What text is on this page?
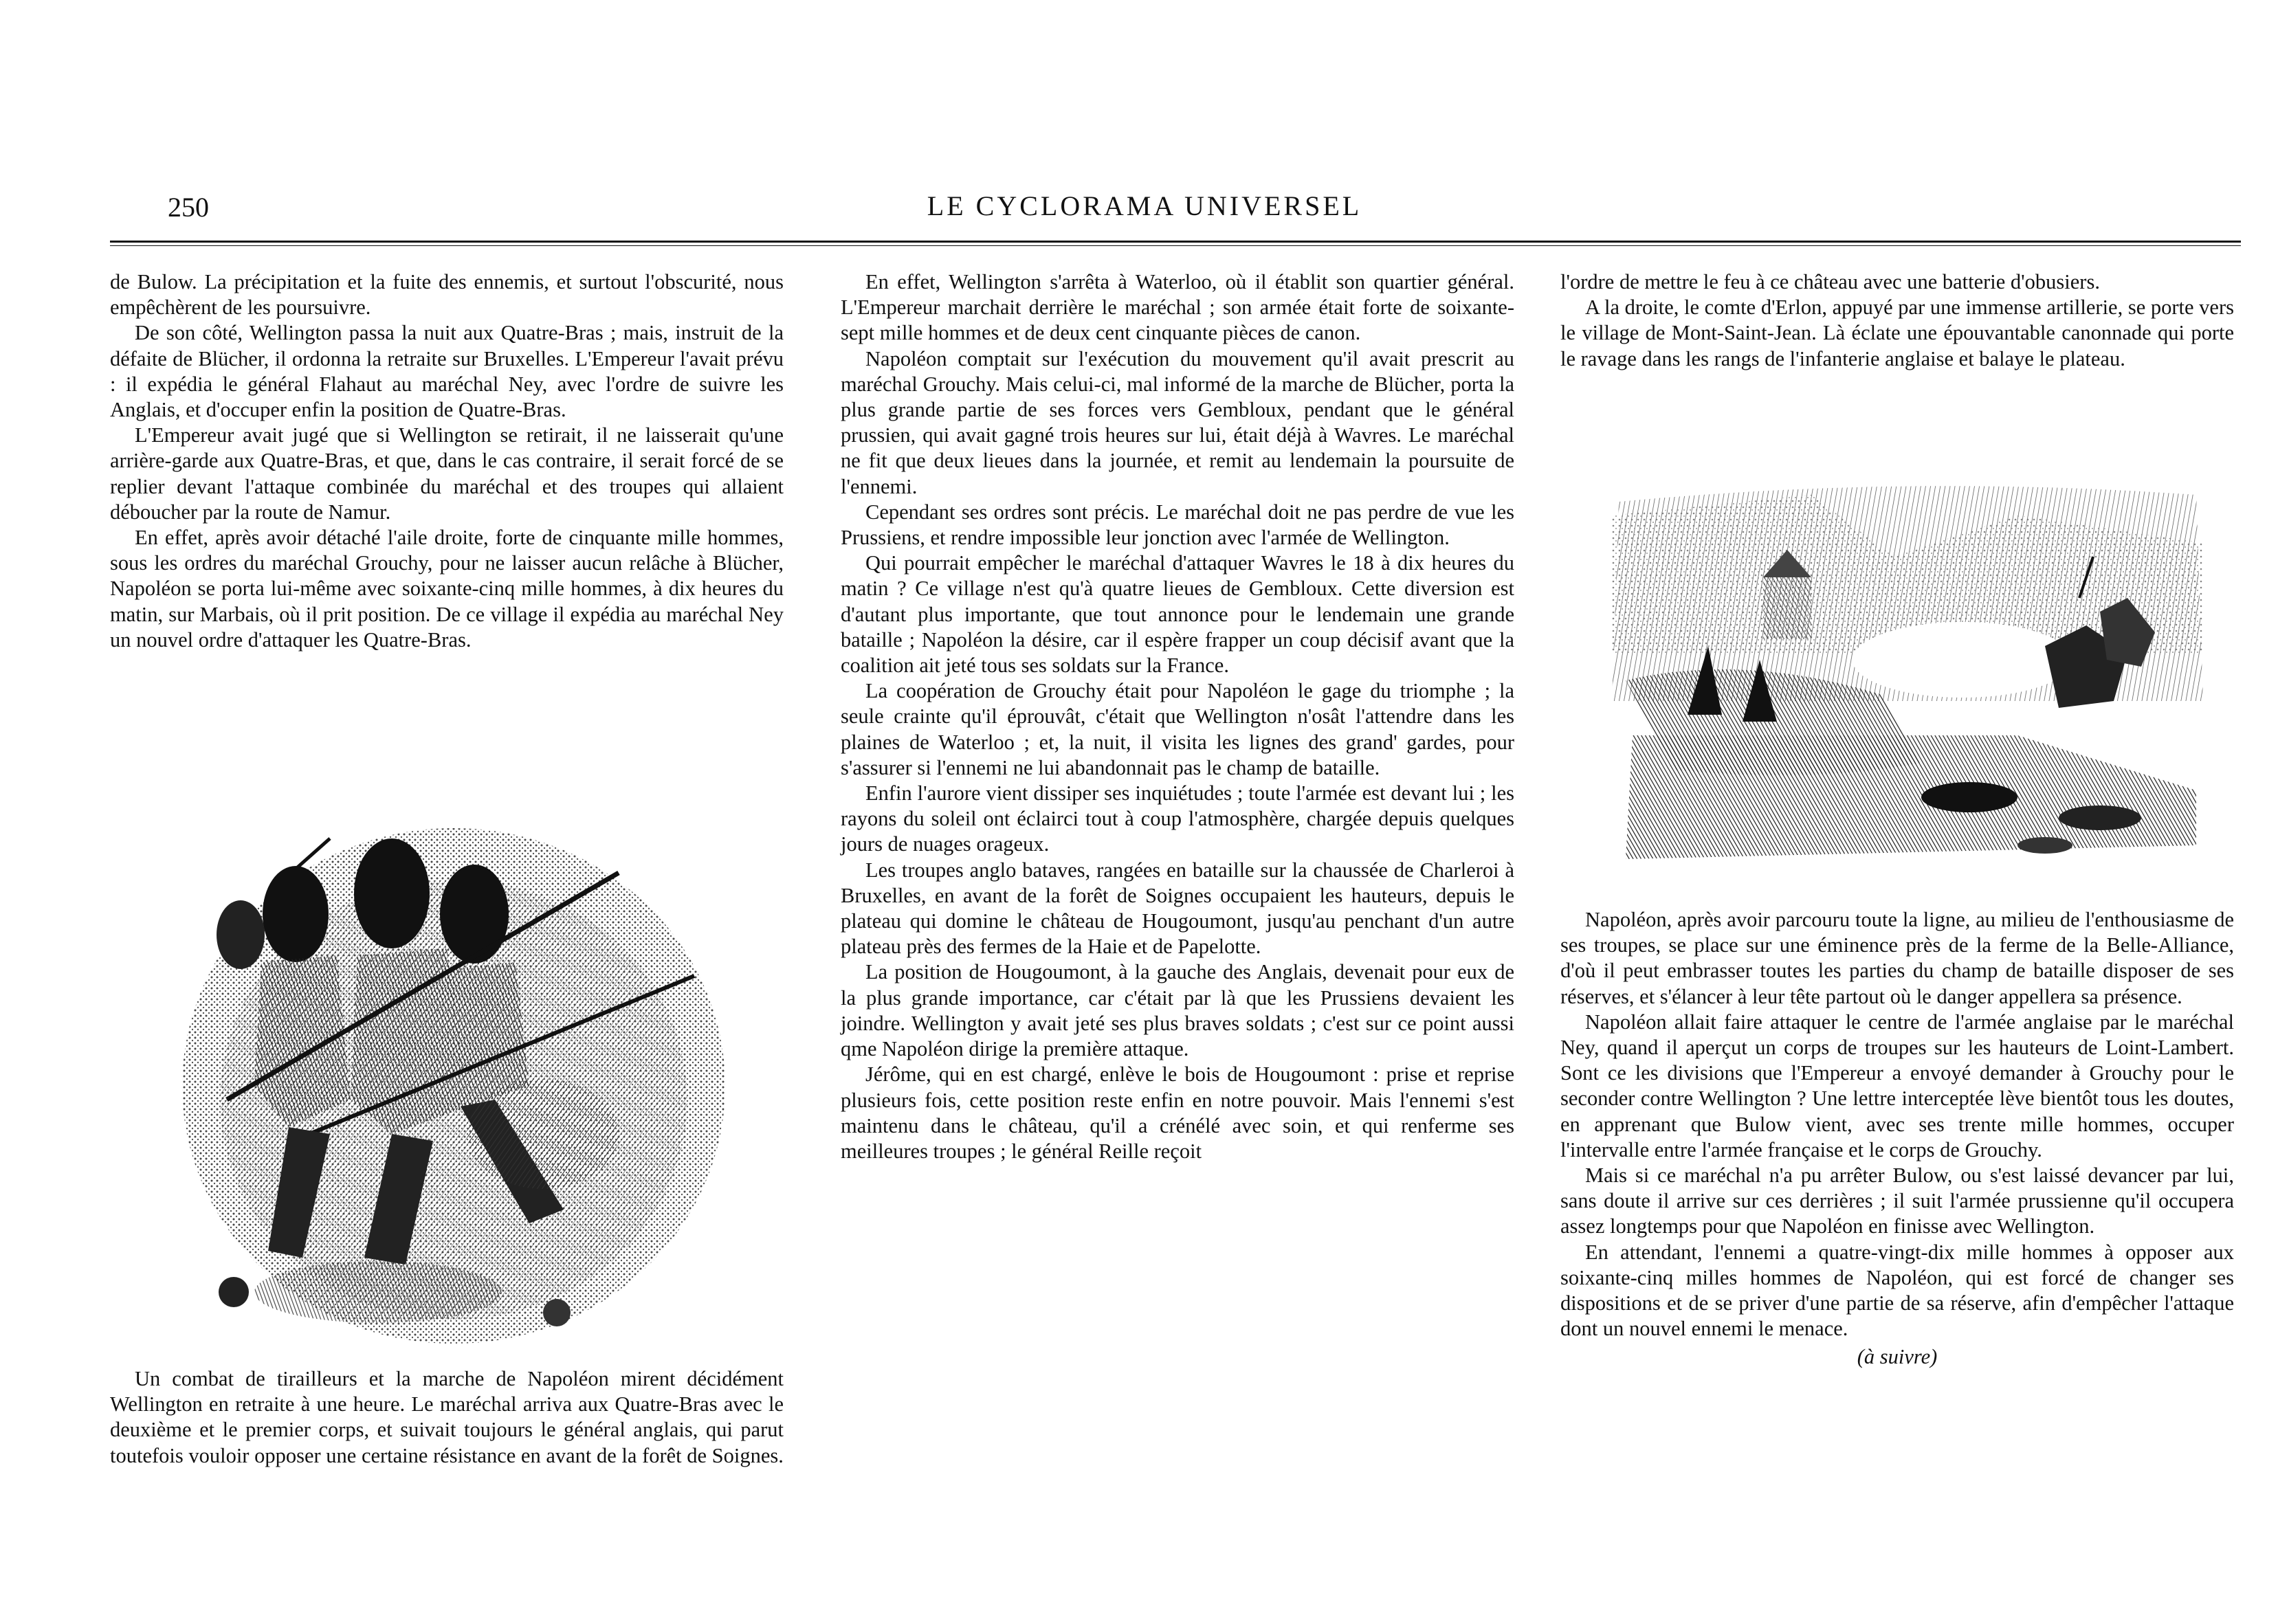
250	LE CYCLORAMA UNIVERSEL

de Bulow. La précipitation et la fuite des ennemis, et surtout l'obscurité, nous empêchèrent de les poursuivre.

De son côté, Wellington passa la nuit aux Quatre-Bras ; mais, instruit de la défaite de Blücher, il ordonna la retraite sur Bruxelles. L'Empereur l'avait prévu : il expédia le général Flahaut au maréchal Ney, avec l'ordre de suivre les Anglais, et d'occuper enfin la position de Quatre-Bras.

L'Empereur avait jugé que si Wellington se retirait, il ne laisserait qu'une arrière-garde aux Quatre-Bras, et que, dans le cas contraire, il serait forcé de se replier devant l'attaque combinée du maréchal et des troupes qui allaient déboucher par la route de Namur.

En effet, après avoir détaché l'aile droite, forte de cinquante mille hommes, sous les ordres du maréchal Grouchy, pour ne laisser aucun relâche à Blücher, Napoléon se porta lui-même avec soixante-cinq mille hommes, à dix heures du matin, sur Marbais, où il prit position. De ce village il expédia au maréchal Ney un nouvel ordre d'attaquer les Quatre-Bras.

Un combat de tirailleurs et la marche de Napoléon mirent décidément Wellington en retraite à une heure. Le maréchal arriva aux Quatre-Bras avec le deuxième et le premier corps, et suivait toujours le général anglais, qui parut toutefois vouloir opposer une certaine résistance en avant de la forêt de Soignes.

En effet, Wellington s'arrêta à Waterloo, où il établit son quartier général. L'Empereur marchait derrière le maréchal ; son armée était forte de soixante-sept mille hommes et de deux cent cinquante pièces de canon.

Napoléon comptait sur l'exécution du mouvement qu'il avait prescrit au maréchal Grouchy. Mais celui-ci, mal informé de la marche de Blücher, porta la plus grande partie de ses forces vers Gembloux, pendant que le général prussien, qui avait gagné trois heures sur lui, était déjà à Wavres. Le maréchal ne fit que deux lieues dans la journée, et remit au lendemain la poursuite de l'ennemi.

Cependant ses ordres sont précis. Le maréchal doit ne pas perdre de vue les Prussiens, et rendre impossible leur jonction avec l'armée de Wellington.

Qui pourrait empêcher le maréchal d'attaquer Wavres le 18 à dix heures du matin ? Ce village n'est qu'à quatre lieues de Gembloux. Cette diversion est d'autant plus importante, que tout annonce pour le lendemain une grande bataille ; Napoléon la désire, car il espère frapper un coup décisif avant que la coalition ait jeté tous ses soldats sur la France.

La coopération de Grouchy était pour Napoléon le gage du triomphe ; la seule crainte qu'il éprouvât, c'était que Wellington n'osât l'attendre dans les plaines de Waterloo ; et, la nuit, il visita les lignes des grand' gardes, pour s'assurer si l'ennemi ne lui abandonnait pas le champ de bataille.

Enfin l'aurore vient dissiper ses inquiétudes ; toute l'armée est devant lui ; les rayons du soleil ont éclairci tout à coup l'atmosphère, chargée depuis quelques jours de nuages orageux.

Les troupes anglo bataves, rangées en bataille sur la chaussée de Charleroi à Bruxelles, en avant de la forêt de Soignes occupaient les hauteurs, depuis le plateau qui domine le château de Hougoumont, jusqu'au penchant d'un autre plateau près des fermes de la Haie et de Papelotte.

La position de Hougoumont, à la gauche des Anglais, devenait pour eux de la plus grande importance, car c'était par là que les Prussiens devaient les joindre. Wellington y avait jeté ses plus braves soldats ; c'est sur ce point aussi qme Napoléon dirige la première attaque.

Jérôme, qui en est chargé, enlève le bois de Hougoumont : prise et reprise plusieurs fois, cette position reste enfin en notre pouvoir. Mais l'ennemi s'est maintenu dans le château, qu'il a crénélé avec soin, et qui renferme ses meilleures troupes ; le général Reille reçoit

l'ordre de mettre le feu à ce château avec une batterie d'obusiers.

A la droite, le comte d'Erlon, appuyé par une immense artillerie, se porte vers le village de Mont-Saint-Jean. Là éclate une épouvantable canonnade qui porte le ravage dans les rangs de l'infanterie anglaise et balaye le plateau.

Napoléon, après avoir parcouru toute la ligne, au milieu de l'enthousiasme de ses troupes, se place sur une éminence près de la ferme de la Belle-Alliance, d'où il peut embrasser toutes les parties du champ de bataille disposer de ses réserves, et s'élancer à leur tête partout où le danger appellera sa présence.

Napoléon allait faire attaquer le centre de l'armée anglaise par le maréchal Ney, quand il aperçut un corps de troupes sur les hauteurs de Loint-Lambert. Sont ce les divisions que l'Empereur a envoyé demander à Grouchy pour le seconder contre Wellington ? Une lettre interceptée lève bientôt tous les doutes, en apprenant que Bulow vient, avec ses trente mille hommes, occuper l'intervalle entre l'armée française et le corps de Grouchy.

Mais si ce maréchal n'a pu arrêter Bulow, ou s'est laissé devancer par lui, sans doute il arrive sur ces derrières ; il suit l'armée prussienne qu'il occupera assez longtemps pour que Napoléon en finisse avec Wellington.

En attendant, l'ennemi a quatre-vingt-dix mille hommes à opposer aux soixante-cinq milles hommes de Napoléon, qui est forcé de changer ses dispositions et de se priver d'une partie de sa réserve, afin d'empêcher l'attaque dont un nouvel ennemi le menace.

(à suivre)
